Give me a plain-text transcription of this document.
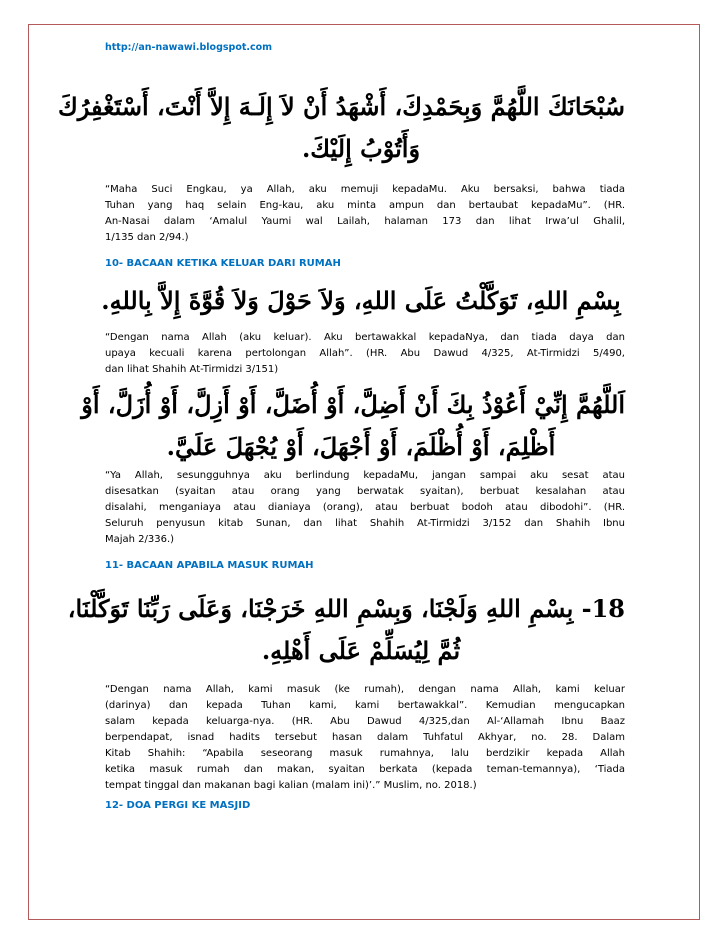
http://an-nawawi.blogspot.com
سُبْحَانَكَ اللَّهُمَّ وَبِحَمْدِكَ، أَشْهَدُ أَنْ لاَ إِلَـهَ إِلاَّ أَنْتَ، أَسْتَغْفِرُكَ
وَأَتُوْبُ إِلَيْكَ.
“Maha Suci Engkau, ya Allah, aku memuji kepadaMu. Aku bersaksi, bahwa tiada
Tuhan yang haq selain Eng-kau, aku minta ampun dan bertaubat kepadaMu”. (HR.
An-Nasai dalam ‘Amalul Yaumi wal Lailah, halaman 173 dan lihat Irwa’ul Ghalil,
1/135 dan 2/94.)
10- BACAAN KETIKA KELUAR DARI RUMAH
بِسْمِ اللهِ، تَوَكَّلْتُ عَلَى اللهِ، وَلاَ حَوْلَ وَلاَ قُوَّةَ إِلاَّ بِاللهِ.
“Dengan nama Allah (aku keluar). Aku bertawakkal kepadaNya, dan tiada daya dan
upaya kecuali karena pertolongan Allah”. (HR. Abu Dawud 4/325, At-Tirmidzi 5/490,
dan lihat Shahih At-Tirmidzi 3/151)
اَللَّهُمَّ إِنِّيْ أَعُوْذُ بِكَ أَنْ أَضِلَّ، أَوْ أُضَلَّ، أَوْ أَزِلَّ، أَوْ أُزَلَّ، أَوْ
أَظْلِمَ، أَوْ أُظْلَمَ، أَوْ أَجْهَلَ، أَوْ يُجْهَلَ عَلَيَّ.
“Ya Allah, sesungguhnya aku berlindung kepadaMu, jangan sampai aku sesat atau
disesatkan (syaitan atau orang yang berwatak syaitan), berbuat kesalahan atau
disalahi, menganiaya atau dianiaya (orang), atau berbuat bodoh atau dibodohi”. (HR.
Seluruh penyusun kitab Sunan, dan lihat Shahih At-Tirmidzi 3/152 dan Shahih Ibnu
Majah 2/336.)
11- BACAAN APABILA MASUK RUMAH
18- بِسْمِ اللهِ وَلَجْنَا، وَبِسْمِ اللهِ خَرَجْنَا، وَعَلَى رَبِّنَا تَوَكَّلْنَا،
ثُمَّ لِيُسَلِّمْ عَلَى أَهْلِهِ.
“Dengan nama Allah, kami masuk (ke rumah), dengan nama Allah, kami keluar
(darinya) dan kepada Tuhan kami, kami bertawakkal”. Kemudian mengucapkan
salam kepada keluarga-nya. (HR. Abu Dawud 4/325,dan Al-‘Allamah Ibnu Baaz
berpendapat, isnad hadits tersebut hasan dalam Tuhfatul Akhyar, no. 28. Dalam
Kitab Shahih: “Apabila seseorang masuk rumahnya, lalu berdzikir kepada Allah
ketika masuk rumah dan makan, syaitan berkata (kepada teman-temannya), ‘Tiada
tempat tinggal dan makanan bagi kalian (malam ini)’.” Muslim, no. 2018.)
12- DOA PERGI KE MASJID
